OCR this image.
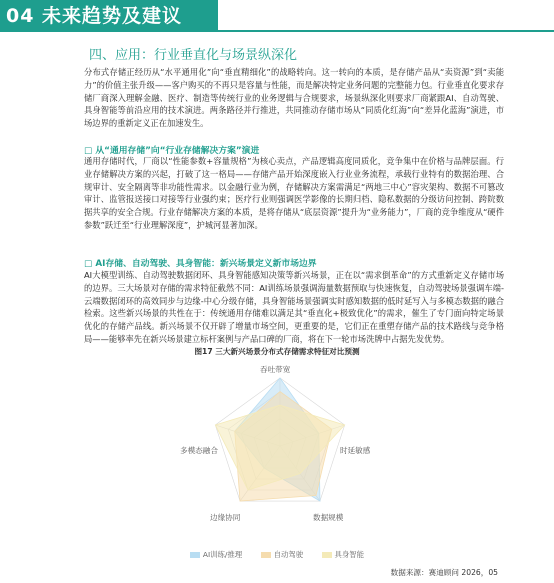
04 未来趋势及建议
四、应用：行业垂直化与场景纵深化

分布式存储正经历从“水平通用化”向“垂直精细化”的战略转向。这一转向的本质，是存储产品从“卖资源”到“卖能力”的价值主张升级——客户购买的不再只是容量与性能，而是解决特定业务问题的完整能力包。行业垂直化要求存储厂商深入理解金融、医疗、制造等传统行业的业务逻辑与合规要求，场景纵深化则要求厂商紧跟AI、自动驾驶、具身智能等前沿应用的技术演进。两条路径并行推进，共同推动存储市场从“同质化红海”向“差异化蓝海”演进，市场边界的重新定义正在加速发生。

□ 从“通用存储”向“行业存储解决方案”演进

通用存储时代，厂商以“性能参数+容量规格”为核心卖点，产品逻辑高度同质化，竞争集中在价格与品牌层面。行业存储解决方案的兴起，打破了这一格局——存储产品开始深度嵌入行业业务流程，承载行业特有的数据治理、合规审计、安全隔离等非功能性需求。以金融行业为例，存储解决方案需满足“两地三中心”容灾架构、数据不可篡改审计、监管报送接口对接等行业强约束；医疗行业则强调医学影像的长期归档、隐私数据的分级访问控制、跨院数据共享的安全合规。行业存储解决方案的本质，是将存储从“底层资源”提升为“业务能力”，厂商的竞争维度从“硬件参数”跃迁至“行业理解深度”，护城河显著加深。

□ AI存储、自动驾驶、具身智能：新兴场景定义新市场边界

AI大模型训练、自动驾驶数据闭环、具身智能感知决策等新兴场景，正在以“需求倒革命”的方式重新定义存储市场的边界。三大场景对存储的需求特征截然不同：AI训练场景强调海量数据预取与快速恢复，自动驾驶场景强调车端-云端数据闭环的高效同步与边缘-中心分级存储，具身智能场景强调实时感知数据的低时延写入与多模态数据的融合检索。这些新兴场景的共性在于：传统通用存储难以满足其“垂直化+极致优化”的需求，催生了专门面向特定场景优化的存储产品线。新兴场景不仅开辟了增量市场空间，更重要的是，它们正在重塑存储产品的技术路线与竞争格局——能够率先在新兴场景建立标杆案例与产品口碑的厂商，将在下一轮市场洗牌中占据先发优势。

图17 三大新兴场景分布式存储需求特征对比预测
吞吐带宽
时延敏感
数据规模
边缘协同
多模态融合
AI训练/推理	自动驾驶	具身智能
数据来源：赛迪顾问 2026，05
